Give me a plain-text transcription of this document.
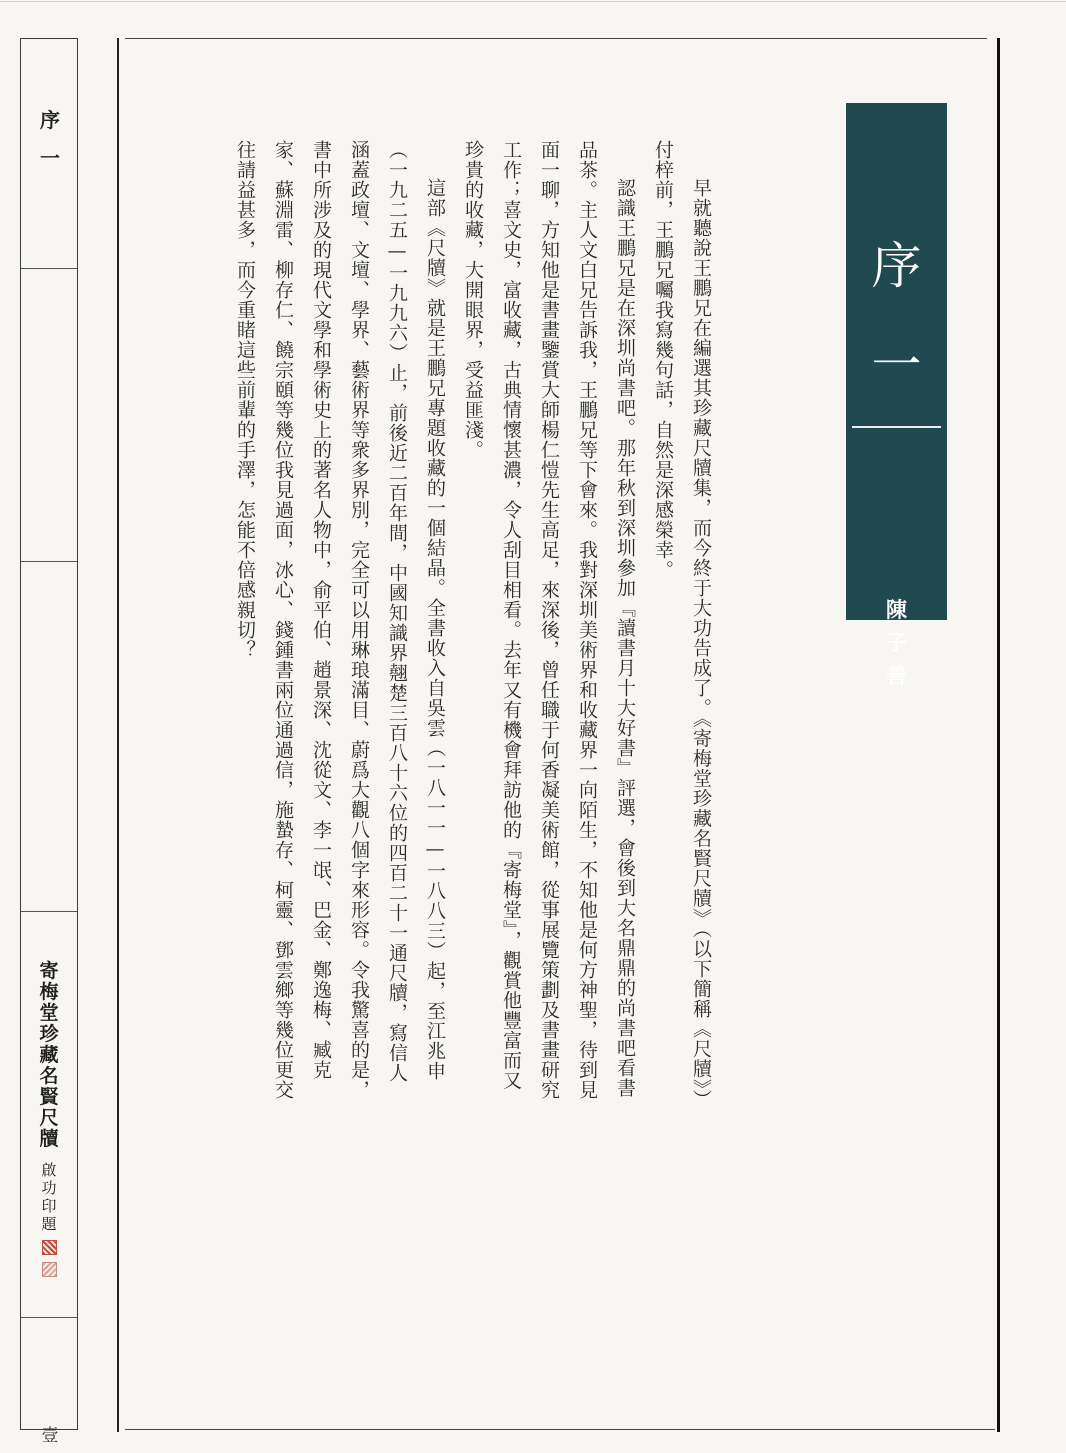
序
一
寄
梅
堂
珍
藏
名
賢
尺
牘
啟
功
印
題
壹
序
一
陳
子
善

早就聽說王鵬兄在編選其珍藏尺牘集，而今終于大功告成了。《寄梅堂珍藏名賢尺牘》（以下簡稱《尺牘》）付梓前，王鵬兄囑我寫幾句話，自然是深感榮幸。

認識王鵬兄是在深圳尚書吧。那年秋到深圳參加『讀書月十大好書』評選，會後到大名鼎鼎的尚書吧看書品茶。主人文白兄告訴我，王鵬兄等下會來。我對深圳美術界和收藏界一向陌生，不知他是何方神聖，待到見面一聊，方知他是書畫鑒賞大師楊仁愷先生高足，來深後，曾任職于何香凝美術館，從事展覽策劃及書畫研究工作；喜文史，富收藏，古典情懷甚濃，令人刮目相看。去年又有機會拜訪他的『寄梅堂』，觀賞他豐富而又珍貴的收藏，大開眼界，受益匪淺。

這部《尺牘》就是王鵬兄專題收藏的一個結晶。全書收入自吳雲（一八一一—一八八三）起，至江兆申（一九二五—一九九六）止，前後近二百年間，中國知識界翹楚三百八十六位的四百二十一通尺牘，寫信人涵蓋政壇、文壇、學界、藝術界等衆多界別，完全可以用琳琅滿目、蔚爲大觀八個字來形容。令我驚喜的是，書中所涉及的現代文學和學術史上的著名人物中，俞平伯、趙景深、沈從文、李一氓、巴金、鄭逸梅、臧克家、蘇淵雷、柳存仁、饒宗頤等幾位我見過面，冰心、錢鍾書兩位通過信，施蟄存、柯靈、鄧雲鄉等幾位更交往請益甚多，而今重睹這些前輩的手澤，怎能不倍感親切？
